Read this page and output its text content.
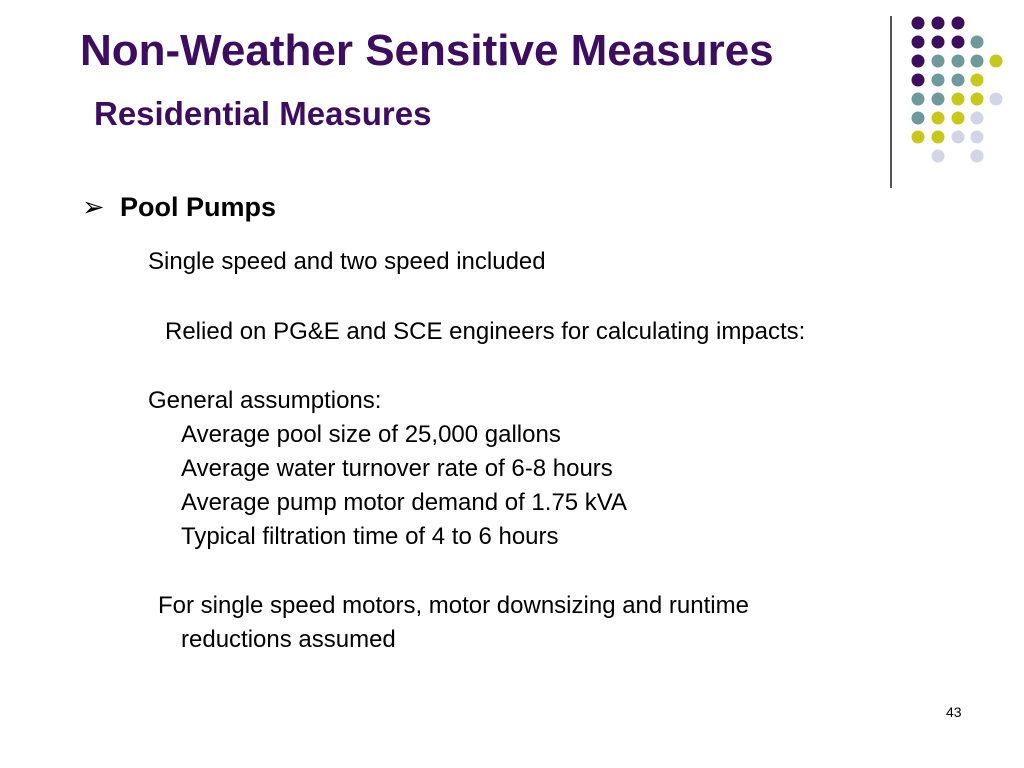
Non-Weather Sensitive Measures
Residential Measures
➢ Pool Pumps
Single speed and two speed included
Relied on PG&E and SCE engineers for calculating impacts:
General assumptions:
Average pool size of 25,000 gallons
Average water turnover rate of 6-8 hours
Average pump motor demand of 1.75 kVA
Typical filtration time of 4 to 6 hours
For single speed motors, motor downsizing and runtime
reductions assumed
43
